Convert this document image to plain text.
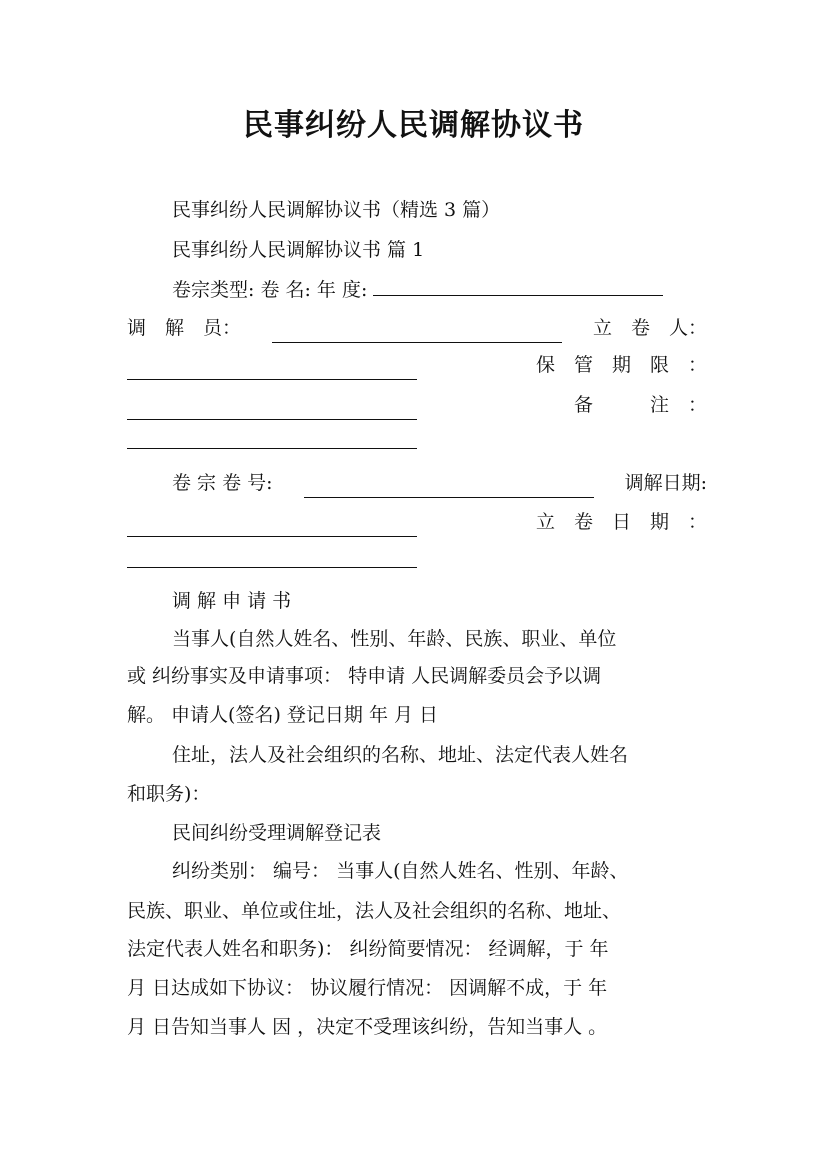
民事纠纷人民调解协议书
民事纠纷人民调解协议书（精选 3 篇）
民事纠纷人民调解协议书 篇 1
卷宗类型: 卷 名: 年 度:
调　解　员：	立　卷　人：
保　管　期　限　：
备　　　注　：
卷 宗 卷 号:	调解日期:
立　卷　日　期　：
调 解 申 请 书
当事人(自然人姓名、性别、年龄、民族、职业、单位
或 纠纷事实及申请事项： 特申请 人民调解委员会予以调
解。 申请人(签名) 登记日期 年 月 日
住址，法人及社会组织的名称、地址、法定代表人姓名
和职务)：
民间纠纷受理调解登记表
纠纷类别： 编号： 当事人(自然人姓名、性别、年龄、
民族、职业、单位或住址，法人及社会组织的名称、地址、
法定代表人姓名和职务)： 纠纷简要情况： 经调解，于 年
月 日达成如下协议： 协议履行情况： 因调解不成，于 年
月 日告知当事人 因 ，决定不受理该纠纷，告知当事人 。
